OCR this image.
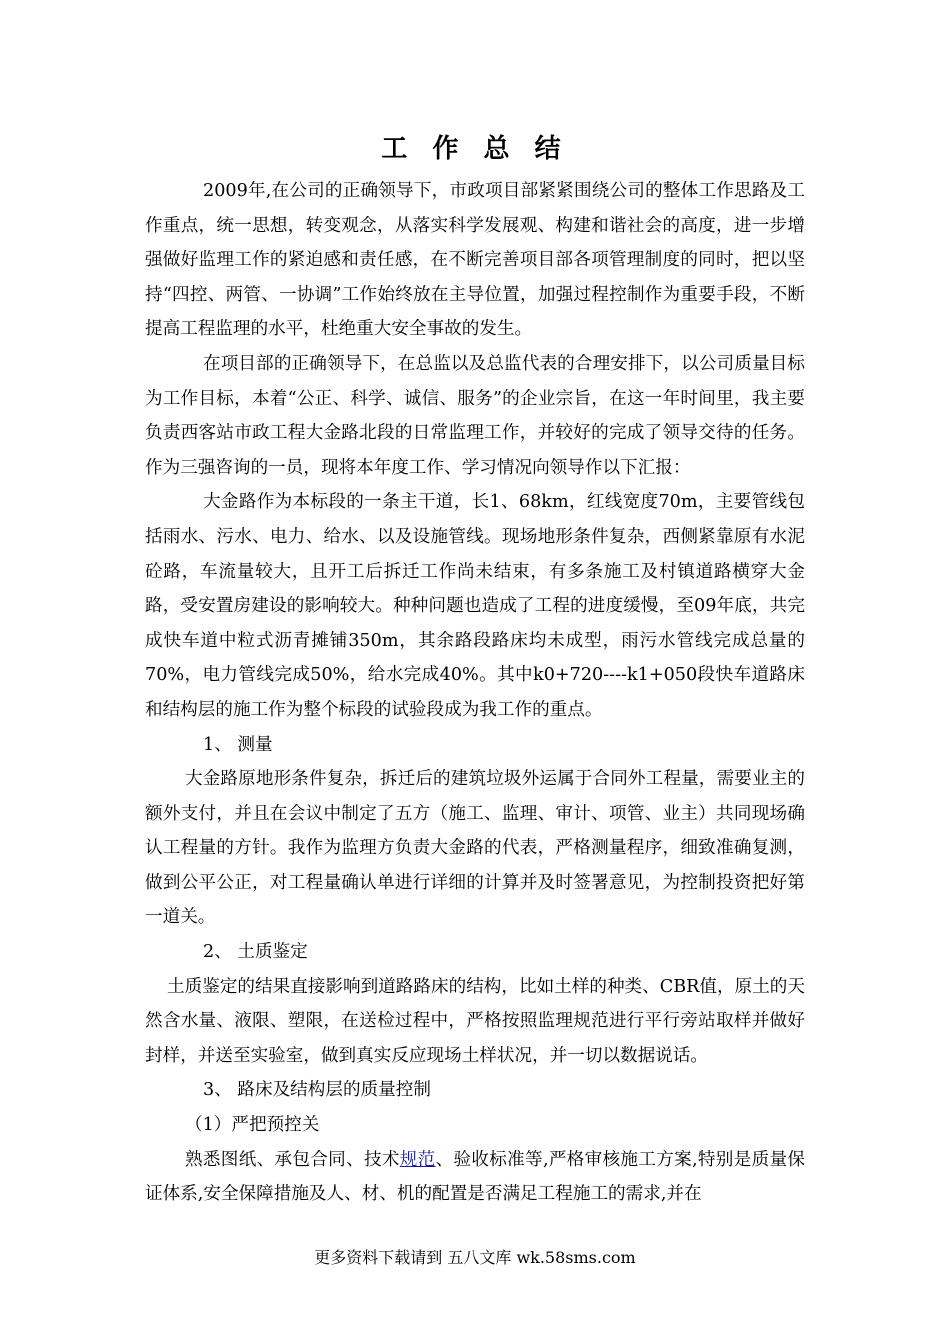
工 作 总 结

2009年,在公司的正确领导下，市政项目部紧紧围绕公司的整体工作思路及工作重点，统一思想，转变观念，从落实科学发展观、构建和谐社会的高度，进一步增强做好监理工作的紧迫感和责任感，在不断完善项目部各项管理制度的同时，把以坚持“四控、两管、一协调”工作始终放在主导位置，加强过程控制作为重要手段，不断提高工程监理的水平，杜绝重大安全事故的发生。

在项目部的正确领导下，在总监以及总监代表的合理安排下，以公司质量目标为工作目标，本着“公正、科学、诚信、服务”的企业宗旨，在这一年时间里，我主要负责西客站市政工程大金路北段的日常监理工作，并较好的完成了领导交待的任务。作为三强咨询的一员，现将本年度工作、学习情况向领导作以下汇报：

大金路作为本标段的一条主干道，长1、68km，红线宽度70m，主要管线包括雨水、污水、电力、给水、以及设施管线。现场地形条件复杂，西侧紧靠原有水泥砼路，车流量较大，且开工后拆迁工作尚未结束，有多条施工及村镇道路横穿大金路，受安置房建设的影响较大。种种问题也造成了工程的进度缓慢，至09年底，共完成快车道中粒式沥青摊铺350m，其余路段路床均未成型，雨污水管线完成总量的70%，电力管线完成50%，给水完成40%。其中k0+720----k1+050段快车道路床和结构层的施工作为整个标段的试验段成为我工作的重点。

1、 测量

大金路原地形条件复杂，拆迁后的建筑垃圾外运属于合同外工程量，需要业主的额外支付，并且在会议中制定了五方（施工、监理、审计、项管、业主）共同现场确认工程量的方针。我作为监理方负责大金路的代表，严格测量程序，细致准确复测，做到公平公正，对工程量确认单进行详细的计算并及时签署意见，为控制投资把好第一道关。

2、 土质鉴定

土质鉴定的结果直接影响到道路路床的结构，比如土样的种类、CBR值，原土的天然含水量、液限、塑限，在送检过程中，严格按照监理规范进行平行旁站取样并做好封样，并送至实验室，做到真实反应现场土样状况，并一切以数据说话。

3、 路床及结构层的质量控制

（1）严把预控关

熟悉图纸、承包合同、技术规范、验收标准等,严格审核施工方案,特别是质量保证体系,安全保障措施及人、材、机的配置是否满足工程施工的需求,并在

更多资料下载请到 五八文库 wk.58sms.com
